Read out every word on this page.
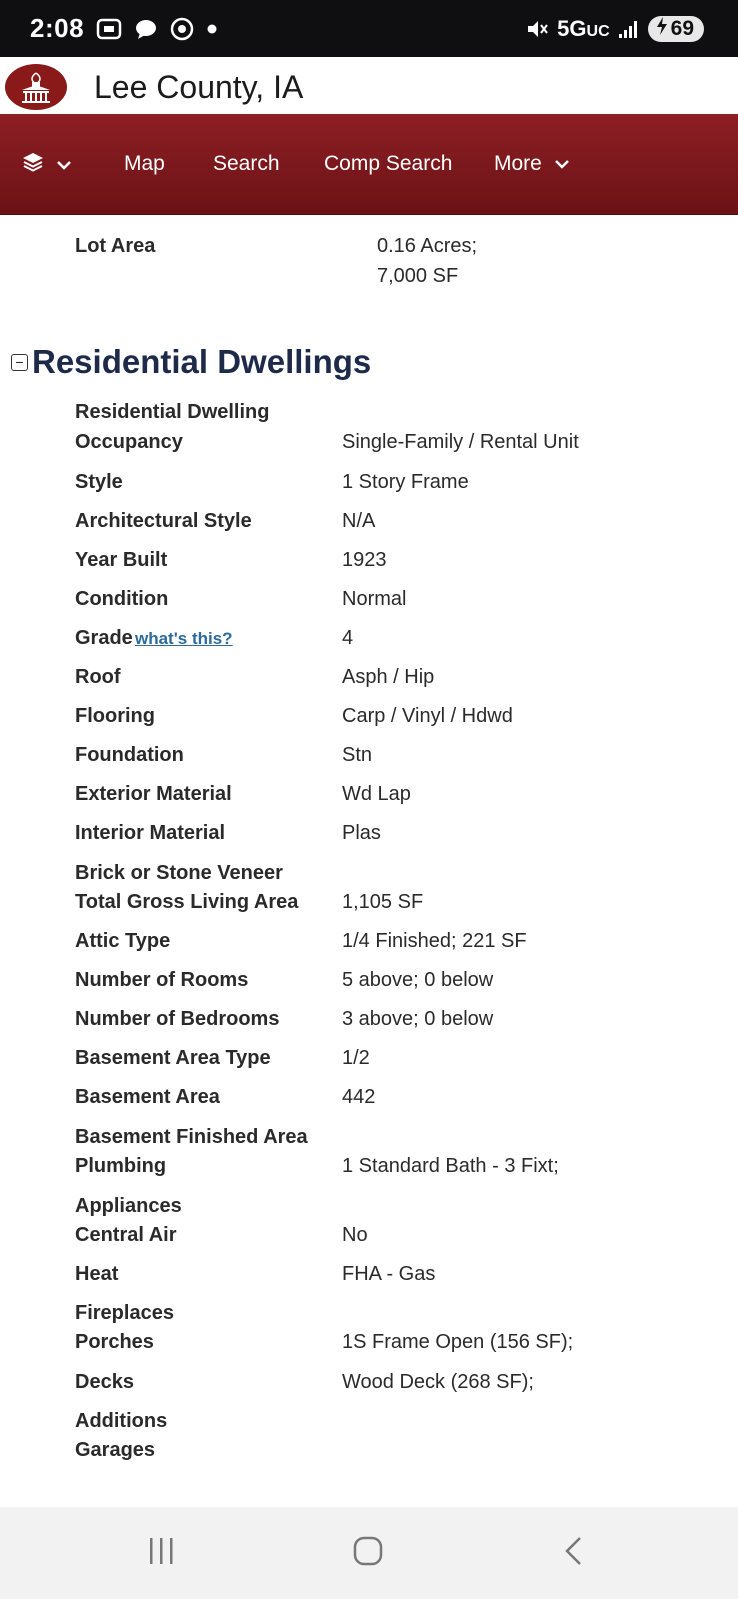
2:08	5GUC	69
Lee County, IA
Map Search Comp Search More
Lot Area	0.16 Acres;
7,000 SF
− Residential Dwellings
Residential Dwelling
Occupancy	Single-Family / Rental Unit
Style	1 Story Frame
Architectural Style	N/A
Year Built	1923
Condition	Normal
Grade what's this?	4
Roof	Asph / Hip
Flooring	Carp / Vinyl / Hdwd
Foundation	Stn
Exterior Material	Wd Lap
Interior Material	Plas
Brick or Stone Veneer
Total Gross Living Area	1,105 SF
Attic Type	1/4 Finished; 221 SF
Number of Rooms	5 above; 0 below
Number of Bedrooms	3 above; 0 below
Basement Area Type	1/2
Basement Area	442
Basement Finished Area
Plumbing	1 Standard Bath - 3 Fixt;
Appliances
Central Air	No
Heat	FHA - Gas
Fireplaces
Porches	1S Frame Open (156 SF);
Decks	Wood Deck (268 SF);
Additions
Garages
